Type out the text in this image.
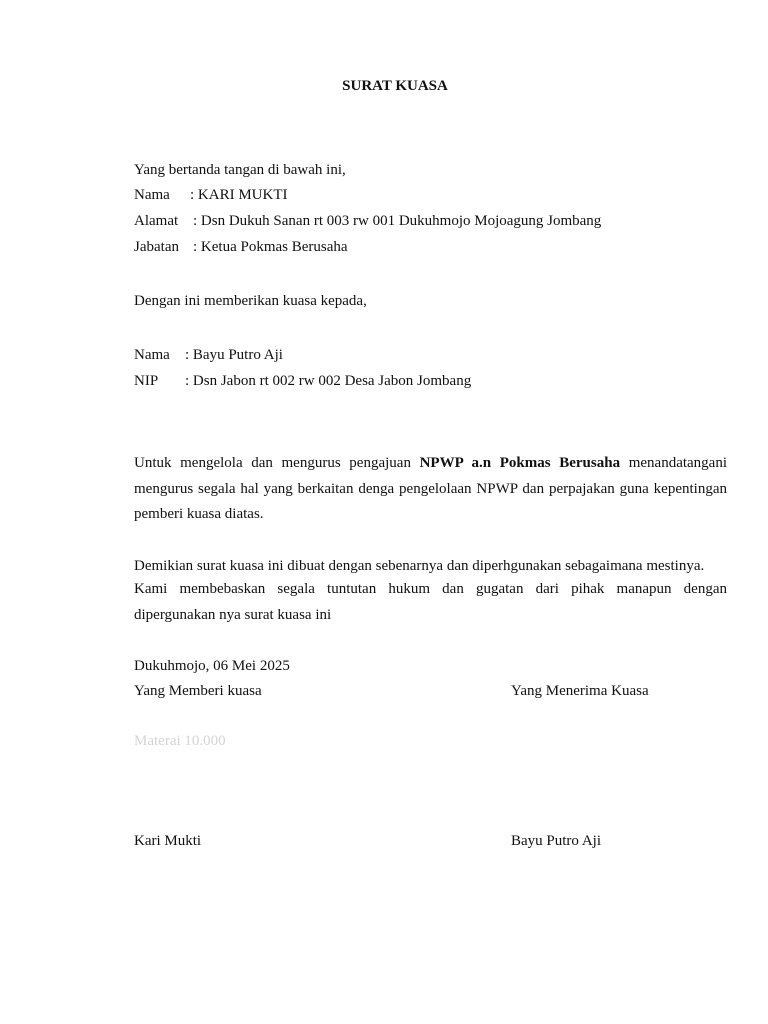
SURAT KUASA
Yang bertanda tangan di bawah ini,
Nama : KARI MUKTI
Alamat : Dsn Dukuh Sanan rt 003 rw 001 Dukuhmojo Mojoagung Jombang
Jabatan : Ketua Pokmas Berusaha
Dengan ini memberikan kuasa kepada,
Nama : Bayu Putro Aji
NIP : Dsn Jabon rt 002 rw 002 Desa Jabon Jombang
Untuk mengelola dan mengurus pengajuan NPWP a.n Pokmas Berusaha menandatangani mengurus segala hal yang berkaitan denga pengelolaan NPWP dan perpajakan guna kepentingan pemberi kuasa diatas.
Demikian surat kuasa ini dibuat dengan sebenarnya dan diperhgunakan sebagaimana mestinya.
Kami membebaskan segala tuntutan hukum dan gugatan dari pihak manapun dengan dipergunakan nya surat kuasa ini
Dukuhmojo, 06 Mei 2025
Yang Memberi kuasa	Yang Menerima Kuasa
Materai 10.000
Kari Mukti	Bayu Putro Aji
